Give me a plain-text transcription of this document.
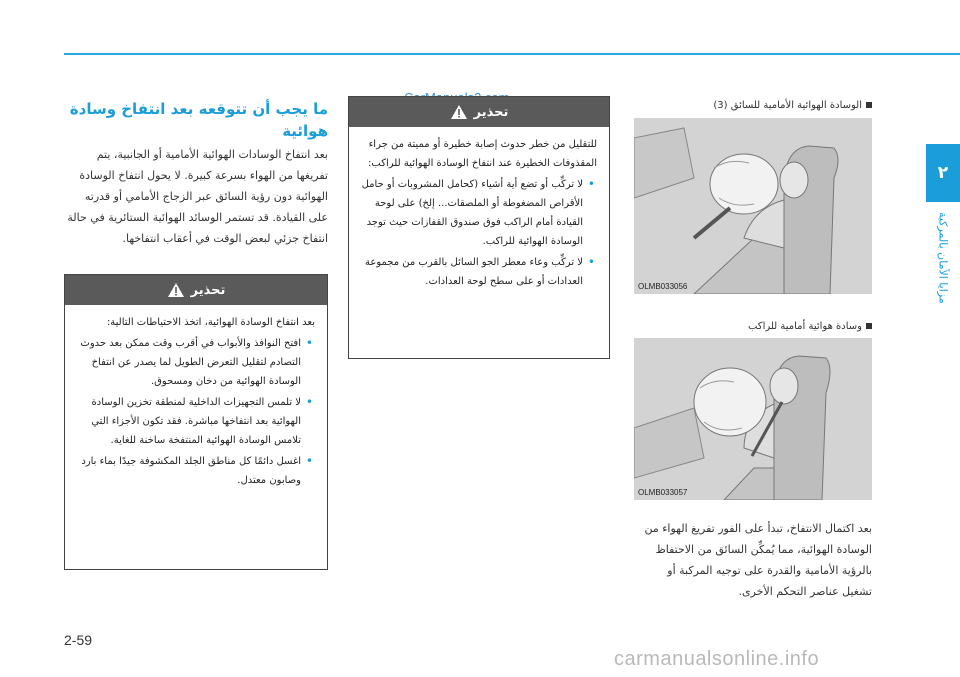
٢
مزايا الأمان بالمركبة
الوسادة الهوائية الأمامية للسائق (3)
OLMB033056
وسادة هوائية أمامية للراكب
OLMB033057
بعد اكتمال الانتفاخ، تبدأ على الفور تفريغ الهواء من الوسادة الهوائية، مما يُمكِّن السائق من الاحتفاظ بالرؤية الأمامية والقدرة على توجيه المركبة أو تشغيل عناصر التحكم الأخرى.
تحذير

للتقليل من خطر حدوث إصابة خطيرة أو مميتة من جراء المقذوفات الخطيرة عند انتفاخ الوسادة الهوائية للراكب:

• لا تركِّب أو تضع أية أشياء (كحامل المشروبات أو حامل الأقراص المضغوطة أو الملصقات... إلخ) على لوحة القيادة أمام الراكب فوق صندوق القفازات حيث توجد الوسادة الهوائية للراكب.
• لا تركِّب وعاء معطر الجو السائل بالقرب من مجموعة العدادات أو على سطح لوحة العدادات.
ما يجب أن تتوقعه بعد انتفاخ وسادة هوائية
بعد انتفاخ الوسادات الهوائية الأمامية أو الجانبية، يتم تفريغها من الهواء بسرعة كبيرة. لا يحول انتفاخ الوسادة الهوائية دون رؤية السائق عبر الزجاج الأمامي أو قدرته على القيادة. قد تستمر الوسائد الهوائية الستائرية في حالة انتفاخ جزئي لبعض الوقت في أعقاب انتفاخها.
تحذير

بعد انتفاخ الوسادة الهوائية، اتخذ الاحتياطات التالية:

• افتح النوافذ والأبواب في أقرب وقت ممكن بعد حدوث التصادم لتقليل التعرض الطويل لما يصدر عن انتفاخ الوسادة الهوائية من دخان ومسحوق.
• لا تلمس التجهيزات الداخلية لمنطقة تخزين الوسادة الهوائية بعد انتفاخها مباشرة. فقد تكون الأجزاء التي تلامس الوسادة الهوائية المنتفخة ساخنة للغاية.
• اغسل دائمًا كل مناطق الجلد المكشوفة جيدًا بماء بارد وصابون معتدل.
2-59
carmanualsonline.info
